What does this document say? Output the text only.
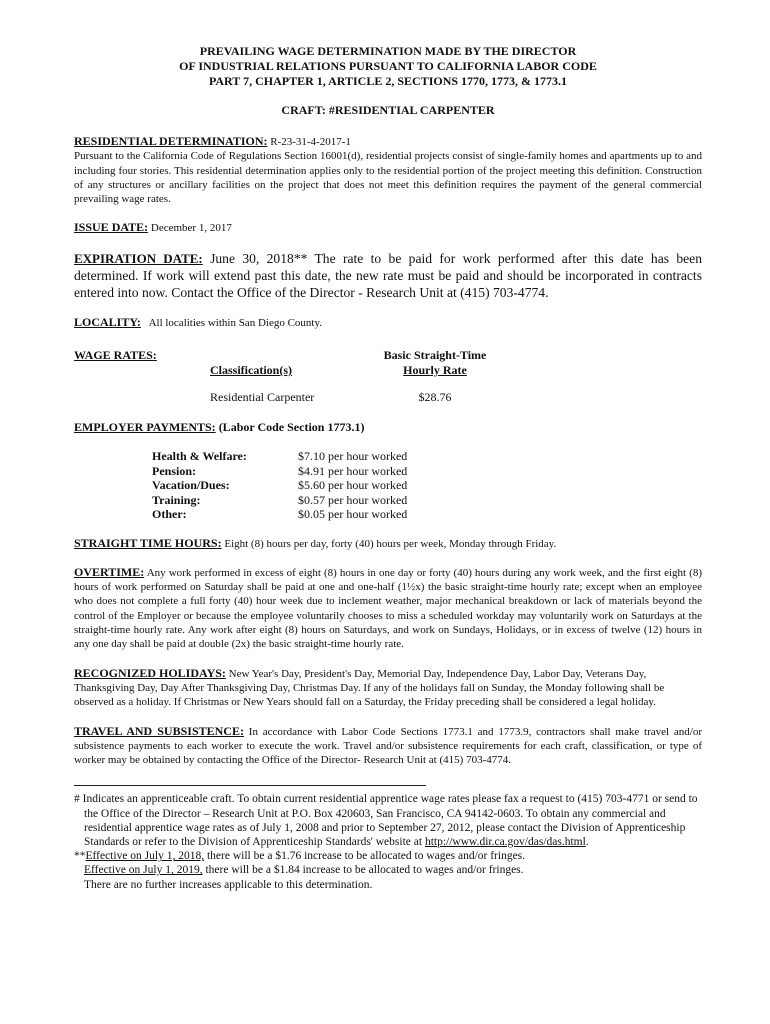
PREVAILING WAGE DETERMINATION MADE BY THE DIRECTOR
OF INDUSTRIAL RELATIONS PURSUANT TO CALIFORNIA LABOR CODE
PART 7, CHAPTER 1, ARTICLE 2, SECTIONS 1770, 1773, & 1773.1
CRAFT: #RESIDENTIAL CARPENTER
RESIDENTIAL DETERMINATION: R-23-31-4-2017-1
Pursuant to the California Code of Regulations Section 16001(d), residential projects consist of single-family homes and apartments up to and including four stories. This residential determination applies only to the residential portion of the project meeting this definition. Construction of any structures or ancillary facilities on the project that does not meet this definition requires the payment of the general commercial prevailing wage rates.
ISSUE DATE: December 1, 2017
EXPIRATION DATE: June 30, 2018** The rate to be paid for work performed after this date has been determined. If work will extend past this date, the new rate must be paid and should be incorporated in contracts entered into now. Contact the Office of the Director - Research Unit at (415) 703-4774.
LOCALITY:   All localities within San Diego County.
WAGE RATES:
Classification(s)
Basic Straight-Time
Hourly Rate
Residential Carpenter	$28.76
EMPLOYER PAYMENTS: (Labor Code Section 1773.1)
Health & Welfare:	$7.10 per hour worked
Pension:	$4.91 per hour worked
Vacation/Dues:	$5.60 per hour worked
Training:	$0.57 per hour worked
Other:	$0.05 per hour worked
STRAIGHT TIME HOURS: Eight (8) hours per day, forty (40) hours per week, Monday through Friday.
OVERTIME: Any work performed in excess of eight (8) hours in one day or forty (40) hours during any work week, and the first eight (8) hours of work performed on Saturday shall be paid at one and one-half (1½x) the basic straight-time hourly rate; except when an employee who does not complete a full forty (40) hour week due to inclement weather, major mechanical breakdown or lack of materials beyond the control of the Employer or because the employee voluntarily chooses to miss a scheduled workday may voluntarily work on Saturdays at the straight-time hourly rate. Any work after eight (8) hours on Saturdays, and work on Sundays, Holidays, or in excess of twelve (12) hours in any one day shall be paid at double (2x) the basic straight-time hourly rate.
RECOGNIZED HOLIDAYS: New Year's Day, President's Day, Memorial Day, Independence Day, Labor Day, Veterans Day, Thanksgiving Day, Day After Thanksgiving Day, Christmas Day. If any of the holidays fall on Sunday, the Monday following shall be observed as a holiday. If Christmas or New Years should fall on a Saturday, the Friday preceding shall be considered a legal holiday.
TRAVEL AND SUBSISTENCE: In accordance with Labor Code Sections 1773.1 and 1773.9, contractors shall make travel and/or subsistence payments to each worker to execute the work. Travel and/or subsistence requirements for each craft, classification, or type of worker may be obtained by contacting the Office of the Director- Research Unit at (415) 703-4774.
# Indicates an apprenticeable craft. To obtain current residential apprentice wage rates please fax a request to (415) 703-4771 or send to the Office of the Director – Research Unit at P.O. Box 420603, San Francisco, CA 94142-0603. To obtain any commercial and residential apprentice wage rates as of July 1, 2008 and prior to September 27, 2012, please contact the Division of Apprenticeship Standards or refer to the Division of Apprenticeship Standards' website at http://www.dir.ca.gov/das/das.html.
**Effective on July 1, 2018, there will be a $1.76 increase to be allocated to wages and/or fringes.
Effective on July 1, 2019, there will be a $1.84 increase to be allocated to wages and/or fringes.
There are no further increases applicable to this determination.
